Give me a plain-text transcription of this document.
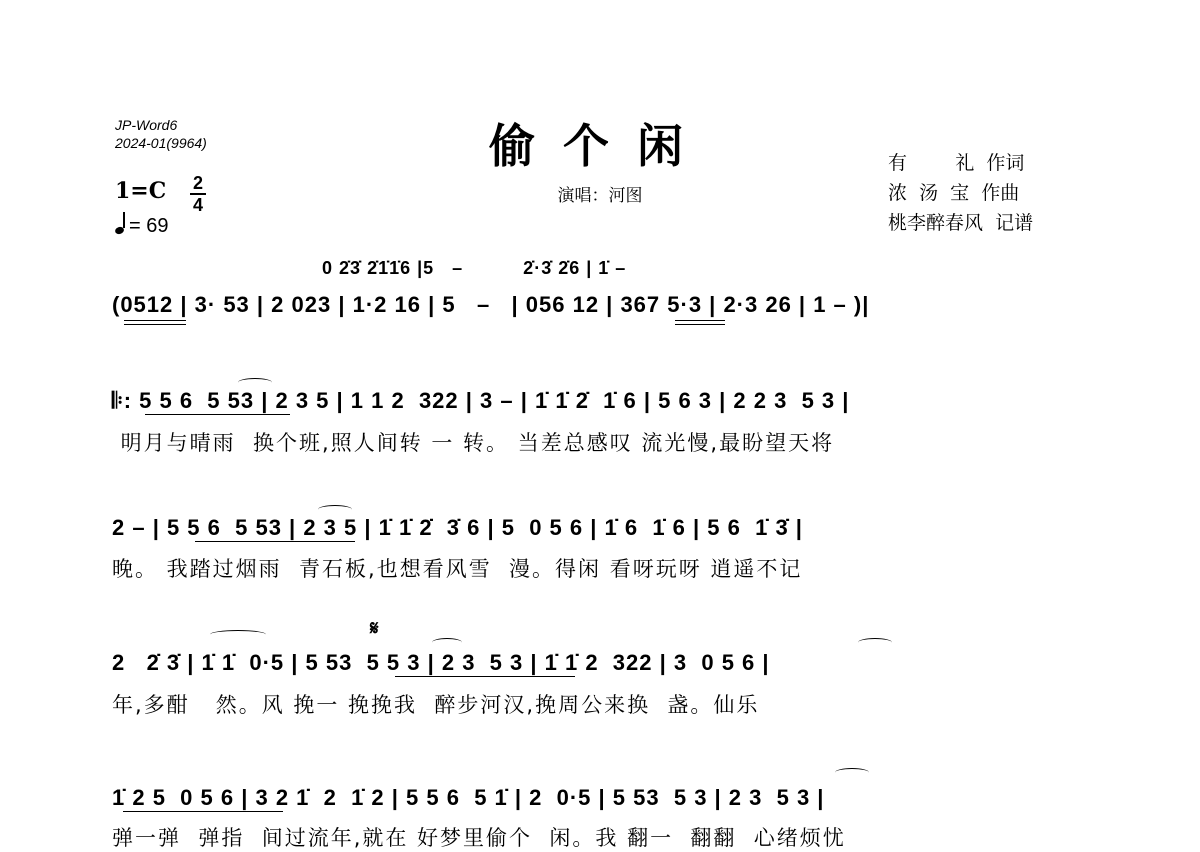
JP-Word6
2024-01(9964)	偷个闲
演唱：河图
有        礼  作词
浓  汤  宝  作曲
桃李醉春风  记谱
1=C 2
4
= 69
0 2̇3̇ 2̇1̇1̇6 |5   –          2̇·3̇ 2̇6 | 1̇ –
(0512 | 3· 53 | 2 023 | 1·2 16 | 5   –   | 056 12 | 367 5·3 | 2·3 26 | 1 – )|
𝄆: 5 5 6  5 53 | 2 3 5 | 1 1 2  322 | 3 – | 1̇ 1̇ 2̇  1̇ 6 | 5 6 3 | 2 2 3  5 3 |
明月与晴雨  换个班,照人间转 一 转。 当差总感叹 流光慢,最盼望天将
2 – | 5 5 6  5 53 | 2 3 5 | 1̇ 1̇ 2̇  3̇ 6 | 5  0 5 6 | 1̇ 6  1̇ 6 | 5 6  1̇ 3̇ |
晚。 我踏过烟雨  青石板,也想看风雪  漫。得闲 看呀玩呀 逍遥不记
𝄋
2   2̇ 3̇ | 1̇ 1̇  0·5 | 5 53  5 5 3 | 2 3  5 3 | 1̇ 1̇ 2  322 | 3  0 5 6 |
年,多酣   然。风 挽一 挽挽我  醉步河汉,挽周公来换  盏。仙乐
1̇ 2 5  0 5 6 | 3 2 1̇  2  1̇ 2 | 5 5 6  5 1̇ | 2  0·5 | 5 53  5 3 | 2 3  5 3 |
弹一弹  弹指  间过流年,就在 好梦里偷个  闲。我 翻一  翻翻  心绪烦忧
